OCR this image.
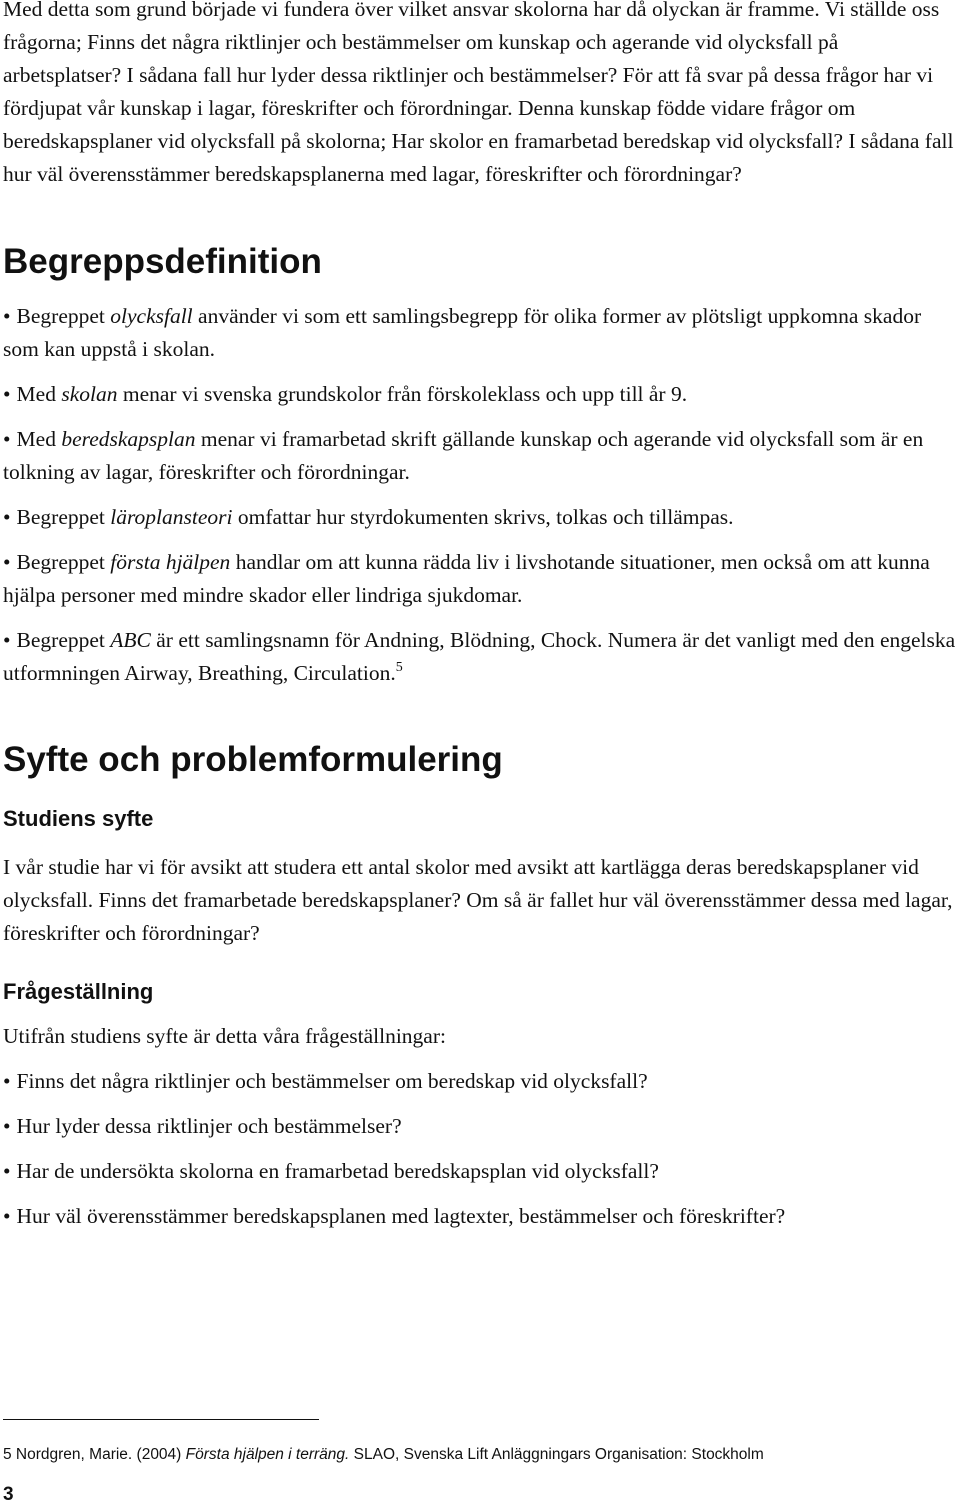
Med detta som grund började vi fundera över vilket ansvar skolorna har då olyckan är framme. Vi ställde oss frågorna; Finns det några riktlinjer och bestämmelser om kunskap och agerande vid olycksfall på arbetsplatser? I sådana fall hur lyder dessa riktlinjer och bestämmelser? För att få svar på dessa frågor har vi fördjupat vår kunskap i lagar, föreskrifter och förordningar. Denna kunskap födde vidare frågor om beredskapsplaner vid olycksfall på skolorna; Har skolor en framarbetad beredskap vid olycksfall? I sådana fall hur väl överensstämmer beredskapsplanerna med lagar, föreskrifter och förordningar?

Begreppsdefinition
• Begreppet olycksfall använder vi som ett samlingsbegrepp för olika former av plötsligt uppkomna skador som kan uppstå i skolan.
• Med skolan menar vi svenska grundskolor från förskoleklass och upp till år 9.
• Med beredskapsplan menar vi framarbetad skrift gällande kunskap och agerande vid olycksfall som är en tolkning av lagar, föreskrifter och förordningar.
• Begreppet läroplansteori omfattar hur styrdokumenten skrivs, tolkas och tillämpas.
• Begreppet första hjälpen handlar om att kunna rädda liv i livshotande situationer, men också om att kunna hjälpa personer med mindre skador eller lindriga sjukdomar.
• Begreppet ABC är ett samlingsnamn för Andning, Blödning, Chock. Numera är det vanligt med den engelska utformningen Airway, Breathing, Circulation.$^5$
Syfte och problemformulering
Studiens syfte

I vår studie har vi för avsikt att studera ett antal skolor med avsikt att kartlägga deras beredskapsplaner vid olycksfall. Finns det framarbetade beredskapsplaner? Om så är fallet hur väl överensstämmer dessa med lagar, föreskrifter och förordningar?

Frågeställning

Utifrån studiens syfte är detta våra frågeställningar:

• Finns det några riktlinjer och bestämmelser om beredskap vid olycksfall?
• Hur lyder dessa riktlinjer och bestämmelser?
• Har de undersökta skolorna en framarbetad beredskapsplan vid olycksfall?
• Hur väl överensstämmer beredskapsplanen med lagtexter, bestämmelser och föreskrifter?
5 Nordgren, Marie. (2004) Första hjälpen i terräng. SLAO, Svenska Lift Anläggningars Organisation: Stockholm
3
